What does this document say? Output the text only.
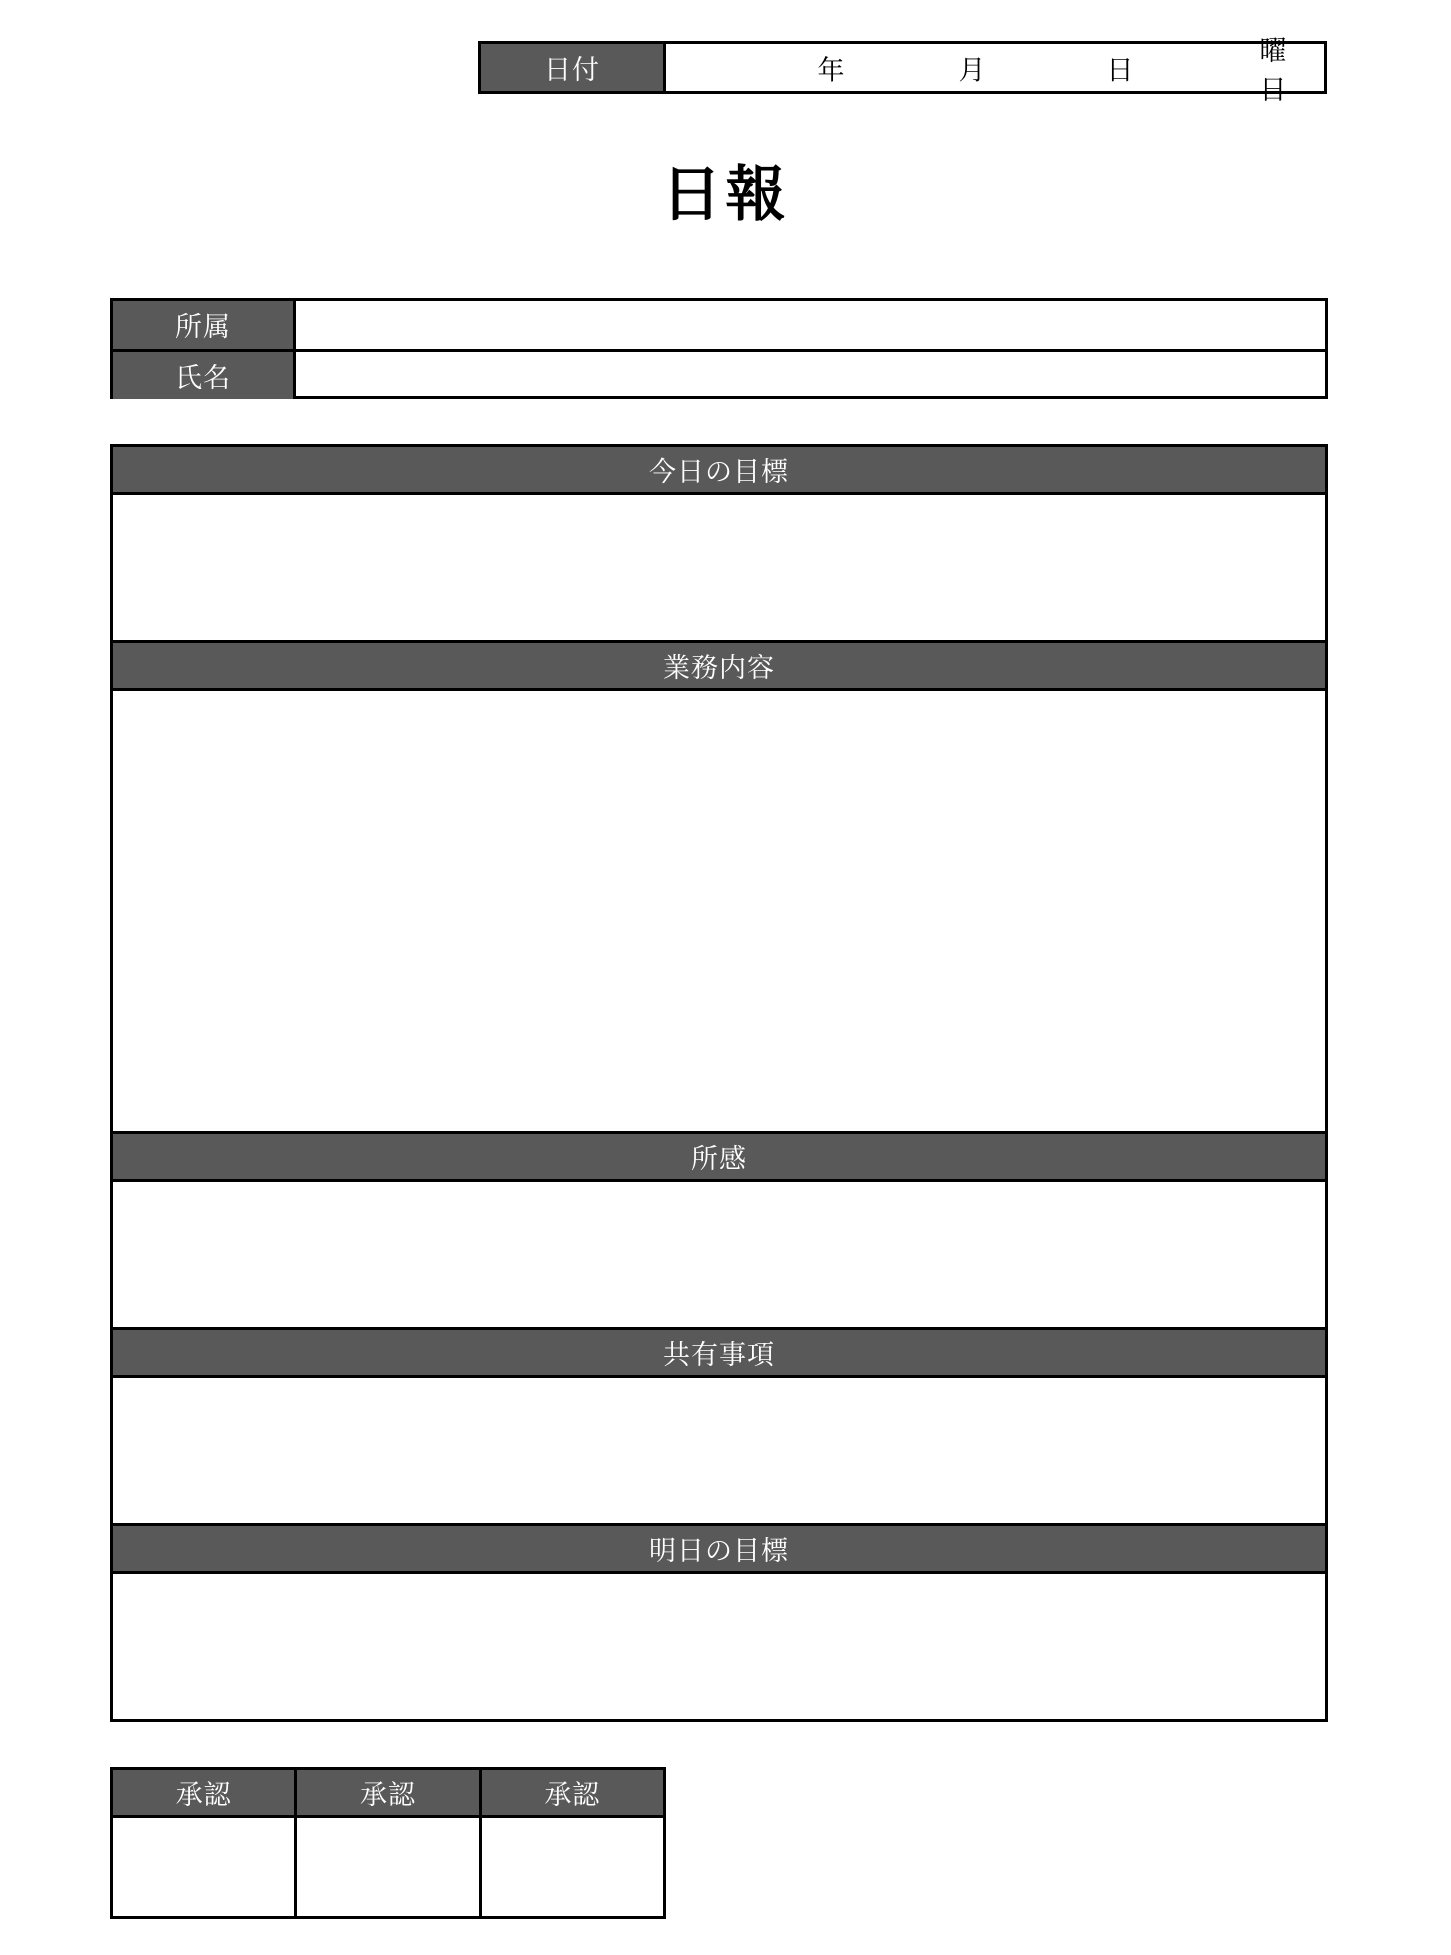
日付	年	月	日
曜日
日報
所属
氏名
今日の目標
業務内容
所感
共有事項
明日の目標
承認	承認	承認
